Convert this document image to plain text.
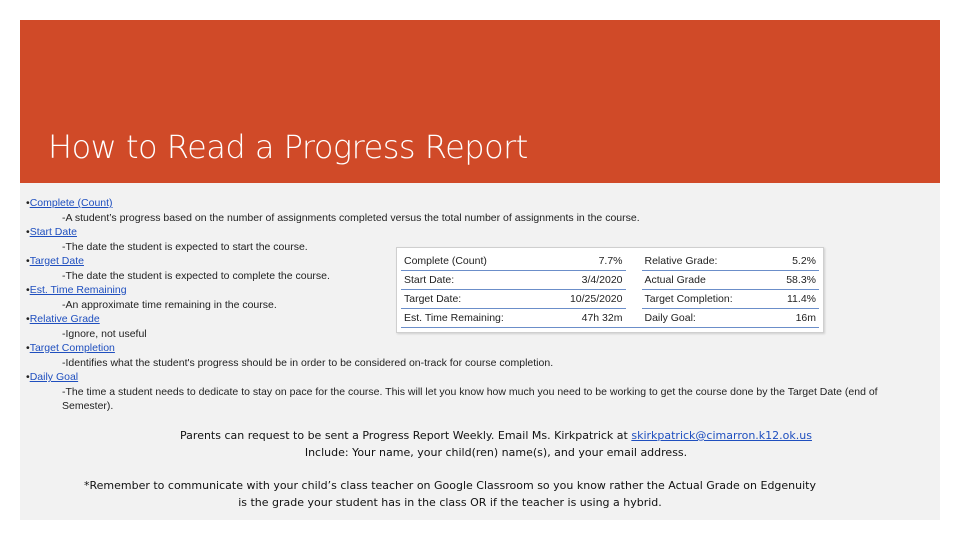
How to Read a Progress Report
•Complete (Count)
-A student’s progress based on the number of assignments completed versus the total number of assignments in the course.
•Start Date
-The date the student is expected to start the course.
•Target Date
-The date the student is expected to complete the course.
•Est. Time Remaining
-An approximate time remaining in the course.
•Relative Grade
-Ignore, not useful
•Target Completion
-Identifies what the student's progress should be in order to be considered on-track for course completion.
•Daily Goal
-The time a student needs to dedicate to stay on pace for the course. This will let you know how much you need to be working to get the course done by the Target Date (end of Semester).
Complete (Count)	7.7%		Relative Grade:	5.2%
Start Date:	3/4/2020		Actual Grade	58.3%
Target Date:	10/25/2020		Target Completion:	11.4%
Est. Time Remaining:	47h 32m		Daily Goal:	16m
Parents can request to be sent a Progress Report Weekly. Email Ms. Kirkpatrick at skirkpatrick@cimarron.k12.ok.us
Include: Your name, your child(ren) name(s), and your email address.
*Remember to communicate with your child’s class teacher on Google Classroom so you know rather the Actual Grade on Edgenuity
is the grade your student has in the class OR if the teacher is using a hybrid.
